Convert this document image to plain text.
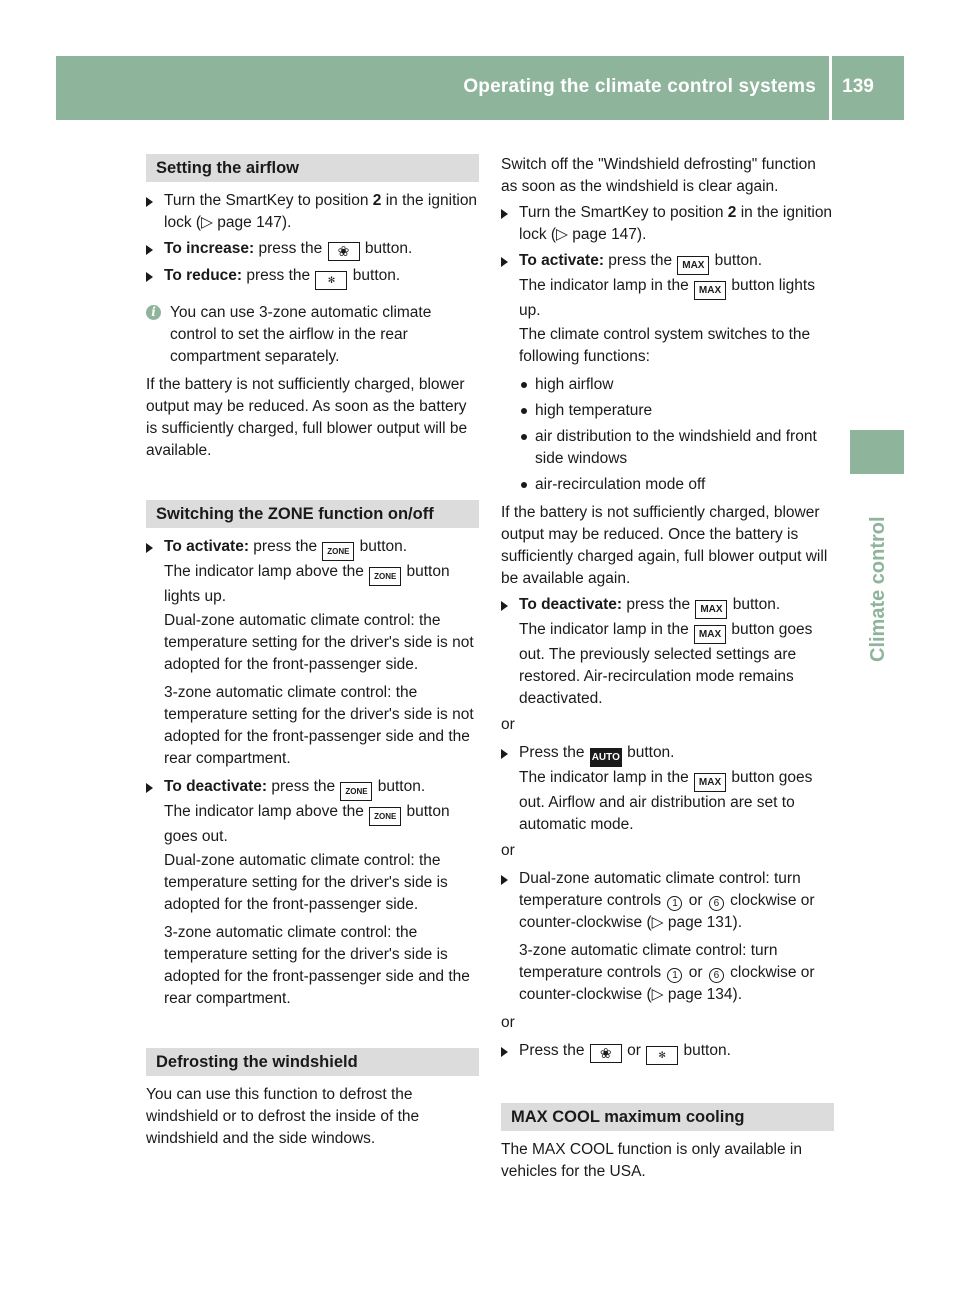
Operating the climate control systems	139
Climate control
Setting the airflow
Turn the SmartKey to position 2 in the ignition lock (▷ page 147).
To increase: press the ❀ button.
To reduce: press the ✻ button.
i You can use 3-zone automatic climate control to set the airflow in the rear compartment separately.

If the battery is not sufficiently charged, blower output may be reduced. As soon as the battery is sufficiently charged, full blower output will be available.

Switching the ZONE function on/off
To activate: press the ZONE button.
The indicator lamp above the ZONE button lights up.

Dual-zone automatic climate control: the temperature setting for the driver's side is not adopted for the front-passenger side.

3-zone automatic climate control: the temperature setting for the driver's side is not adopted for the front-passenger side and the rear compartment.

To deactivate: press the ZONE button.
The indicator lamp above the ZONE button goes out.

Dual-zone automatic climate control: the temperature setting for the driver's side is adopted for the front-passenger side.

3-zone automatic climate control: the temperature setting for the driver's side is adopted for the front-passenger side and the rear compartment.

Defrosting the windshield

You can use this function to defrost the windshield or to defrost the inside of the windshield and the side windows.

Switch off the "Windshield defrosting" function as soon as the windshield is clear again.

Turn the SmartKey to position 2 in the ignition lock (▷ page 147).
To activate: press the MAX button.
The indicator lamp in the MAX button lights up.

The climate control system switches to the following functions:

high airflow
high temperature
air distribution to the windshield and front side windows
air-recirculation mode off

If the battery is not sufficiently charged, blower output may be reduced. Once the battery is sufficiently charged again, full blower output will be available again.

To deactivate: press the MAX button.
The indicator lamp in the MAX button goes out. The previously selected settings are restored. Air-recirculation mode remains deactivated.
or
Press the AUTO button.
The indicator lamp in the MAX button goes out. Airflow and air distribution are set to automatic mode.
or
Dual-zone automatic climate control: turn temperature controls 1 or 6 clockwise or counter-clockwise (▷ page 131).

3-zone automatic climate control: turn temperature controls 1 or 6 clockwise or counter-clockwise (▷ page 134).

or
Press the ❀ or ✻ button.
MAX COOL maximum cooling

The MAX COOL function is only available in vehicles for the USA.
